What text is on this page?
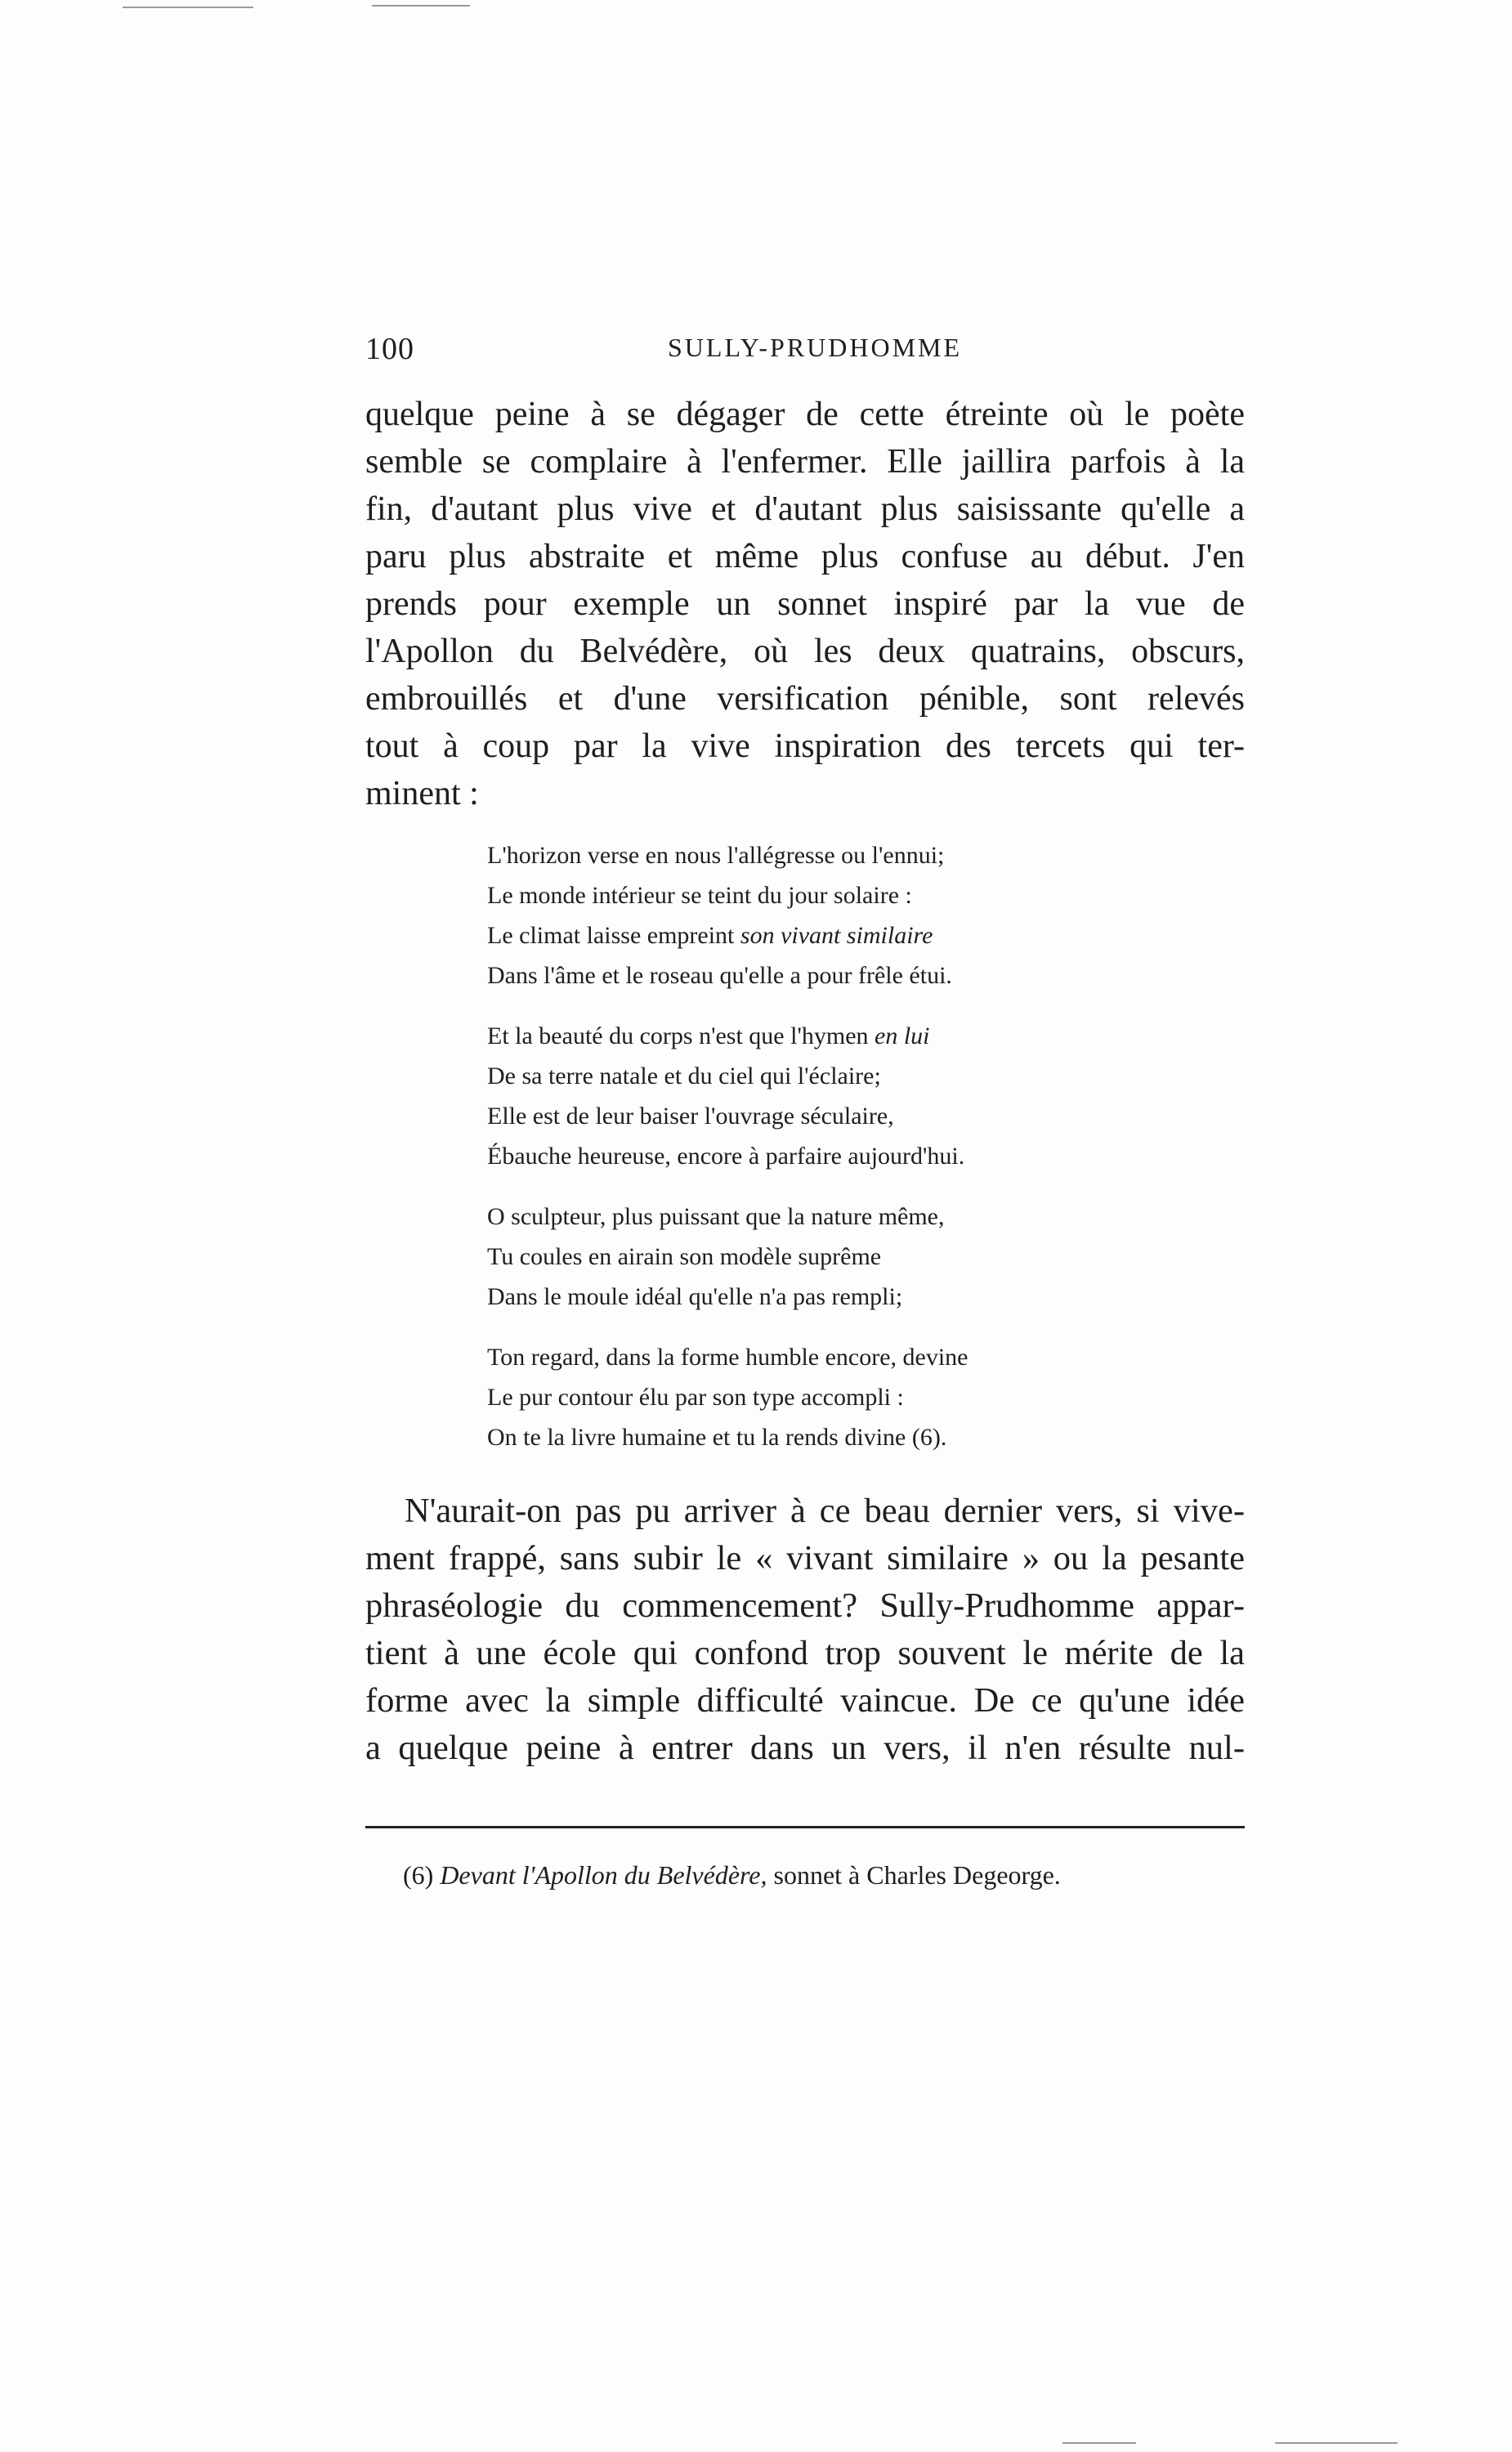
100	SULLY-PRUDHOMME
quelque peine à se dégager de cette étreinte où le poète
semble se complaire à l'enfermer. Elle jaillira parfois à la
fin, d'autant plus vive et d'autant plus saisissante qu'elle a
paru plus abstraite et même plus confuse au début. J'en
prends pour exemple un sonnet inspiré par la vue de
l'Apollon du Belvédère, où les deux quatrains, obscurs,
embrouillés et d'une versification pénible, sont relevés
tout à coup par la vive inspiration des tercets qui ter-
minent :
L'horizon verse en nous l'allégresse ou l'ennui;
Le monde intérieur se teint du jour solaire :
Le climat laisse empreint son vivant similaire
Dans l'âme et le roseau qu'elle a pour frêle étui.
Et la beauté du corps n'est que l'hymen en lui
De sa terre natale et du ciel qui l'éclaire;
Elle est de leur baiser l'ouvrage séculaire,
Ébauche heureuse, encore à parfaire aujourd'hui.
O sculpteur, plus puissant que la nature même,
Tu coules en airain son modèle suprême
Dans le moule idéal qu'elle n'a pas rempli;
Ton regard, dans la forme humble encore, devine
Le pur contour élu par son type accompli :
On te la livre humaine et tu la rends divine (6).
N'aurait-on pas pu arriver à ce beau dernier vers, si vive-
ment frappé, sans subir le « vivant similaire » ou la pesante
phraséologie du commencement? Sully-Prudhomme appar-
tient à une école qui confond trop souvent le mérite de la
forme avec la simple difficulté vaincue. De ce qu'une idée
a quelque peine à entrer dans un vers, il n'en résulte nul-
(6) Devant l'Apollon du Belvédère, sonnet à Charles Degeorge.
